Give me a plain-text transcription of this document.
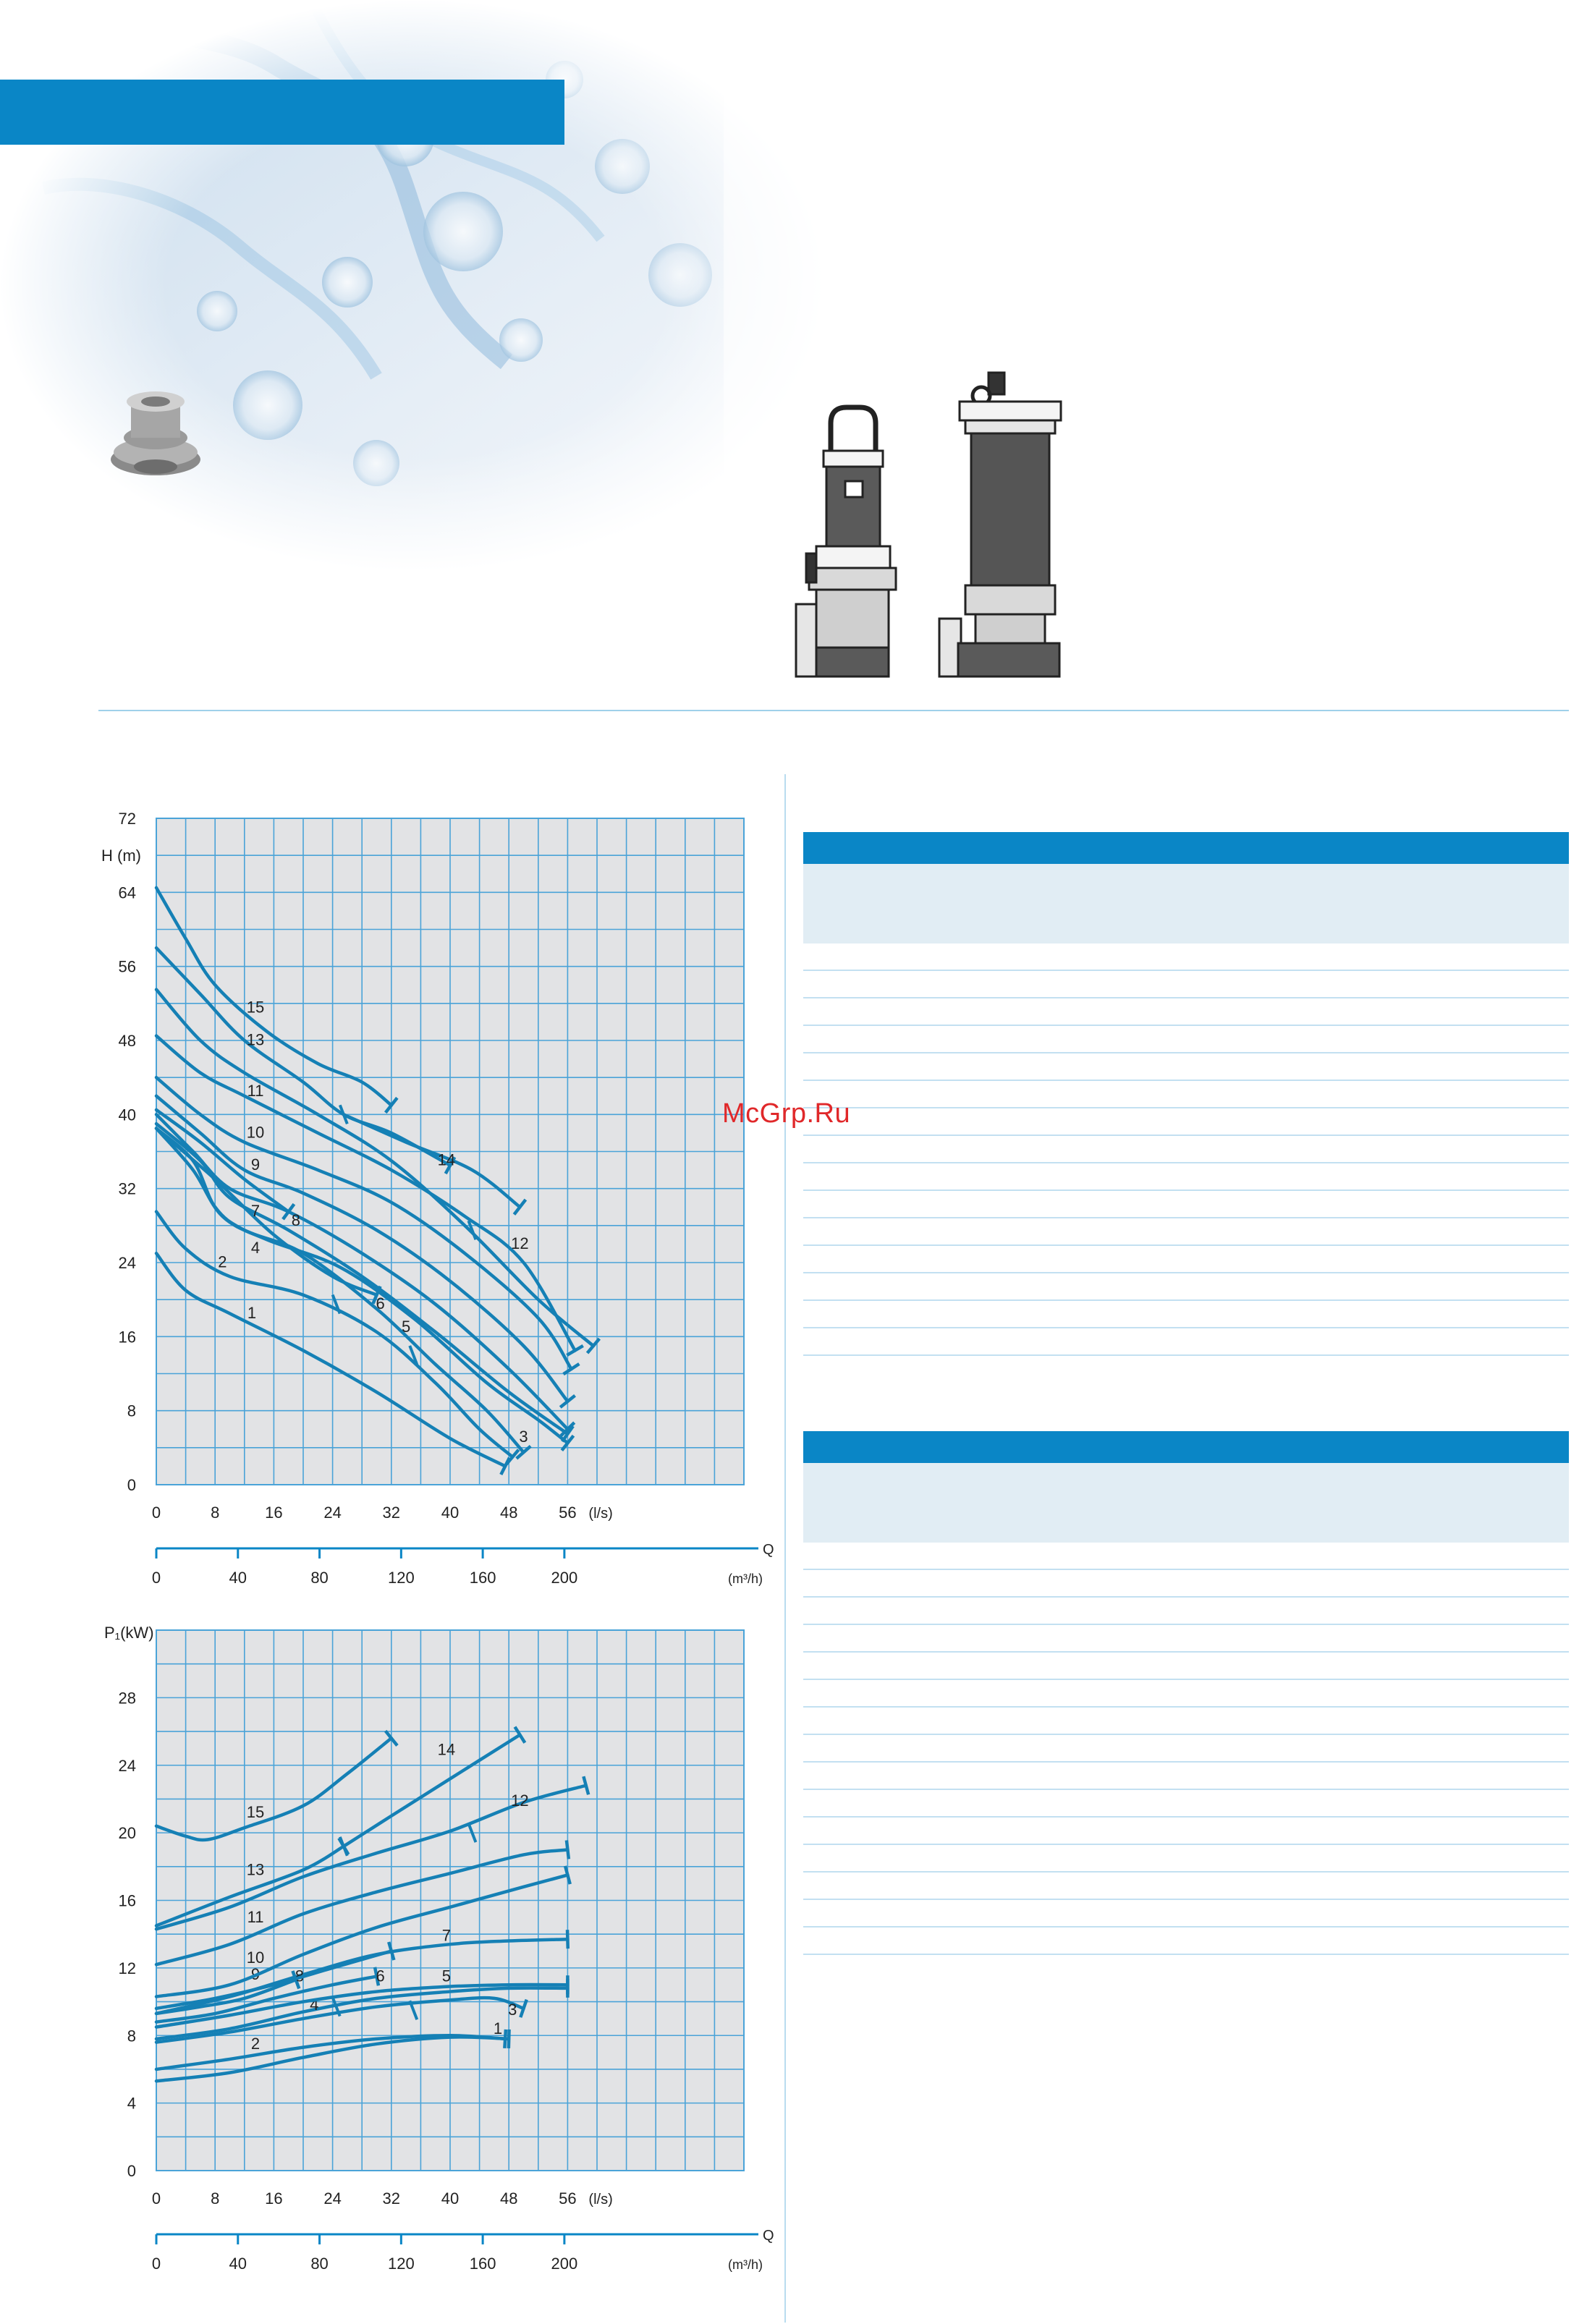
0
8
16
24
32
40
48
56
64
72
H (m)
0	8	16	24	32	40	48	56 (l/s)
Q
0	40	80	120	160	200	(m³/h)
1
2
3
4
5
6
7
8
9
10
11
12
13
14
15
0
4
8
12
16
20
24
28
P₁(kW)
0	8	16	24	32	40	48	56 (l/s)
Q
0	40	80	120	160	200	(m³/h)
1
2
3
4
5
6
7
8
9
10
11
12
13
14
15
McGrp.Ru
